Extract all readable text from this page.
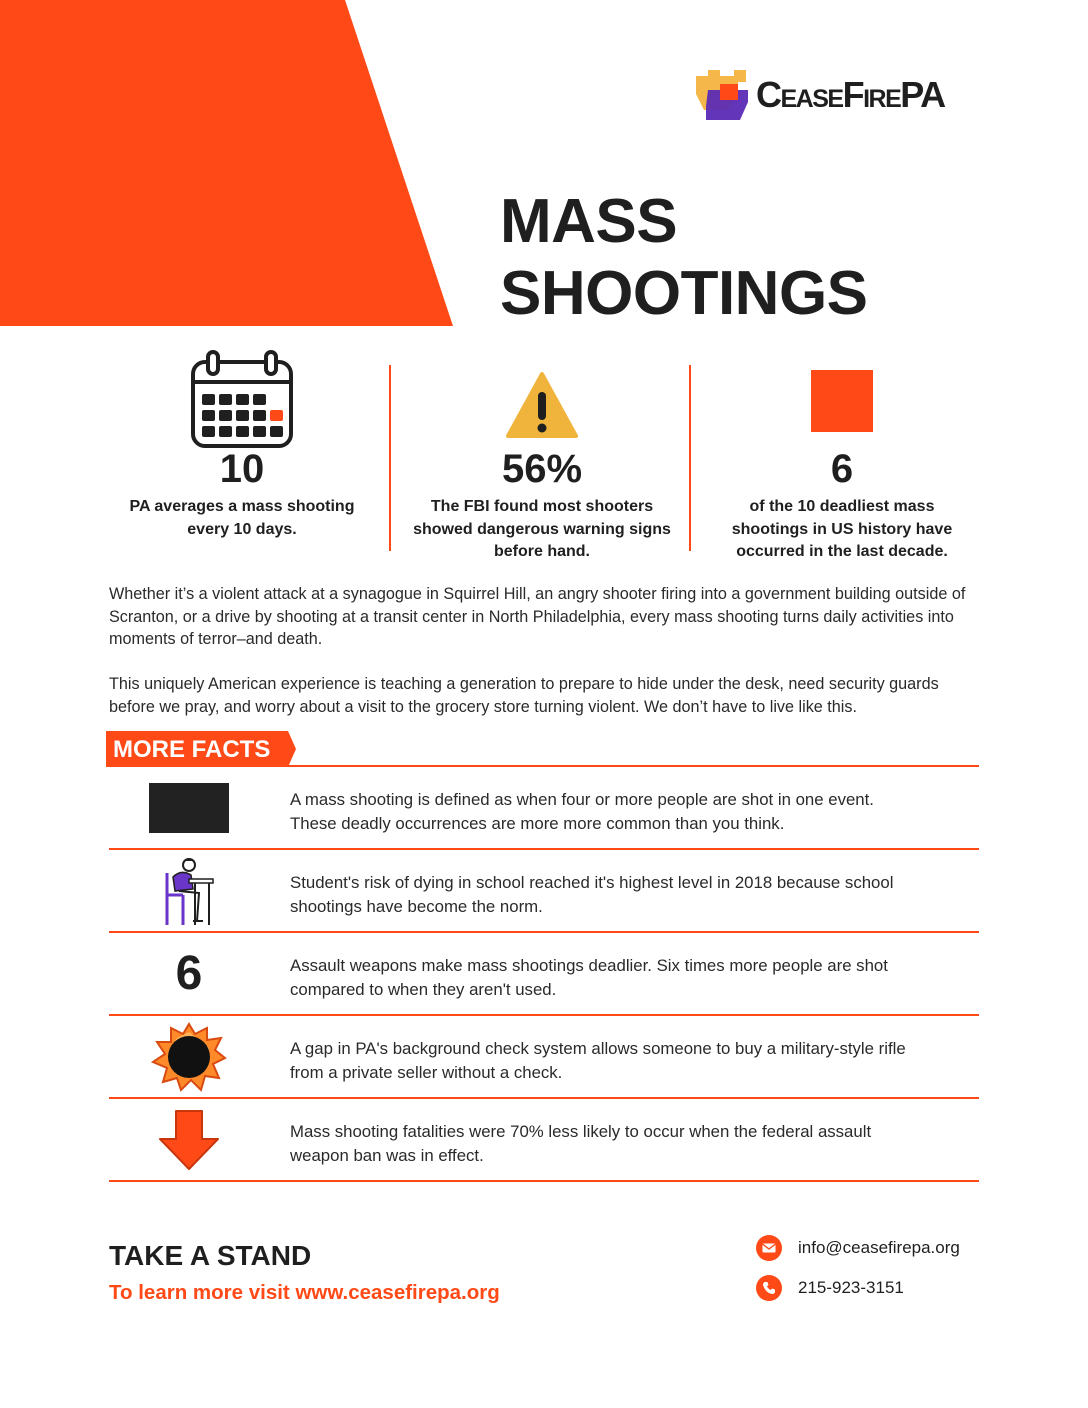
CeaseFirePA
MASS
SHOOTINGS
10
PA averages a mass shooting every 10 days.
56%
The FBI found most shooters showed dangerous warning signs before hand.
6
of the 10 deadliest mass shootings in US history have occurred in the last decade.

Whether it’s a violent attack at a synagogue in Squirrel Hill, an angry shooter firing into a government building outside of Scranton, or a drive by shooting at a transit center in North Philadelphia, every mass shooting turns daily activities into moments of terror–and death.

This uniquely American experience is teaching a generation to prepare to hide under the desk, need security guards before we pray, and worry about a visit to the grocery store turning violent. We don’t have to live like this.

MORE FACTS

A mass shooting is defined as when four or more people are shot in one event. These deadly occurrences are more more common than you think.

Student's risk of dying in school reached it's highest level in 2018 because school shootings have become the norm.

6	Assault weapons make mass shootings deadlier. Six times more people are shot compared to when they aren't used.

A gap in PA's background check system allows someone to buy a military-style rifle from a private seller without a check.

Mass shooting fatalities were 70% less likely to occur when the federal assault weapon ban was in effect.

TAKE A STAND
To learn more visit www.ceasefirepa.org
info@ceasefirepa.org
215-923-3151
